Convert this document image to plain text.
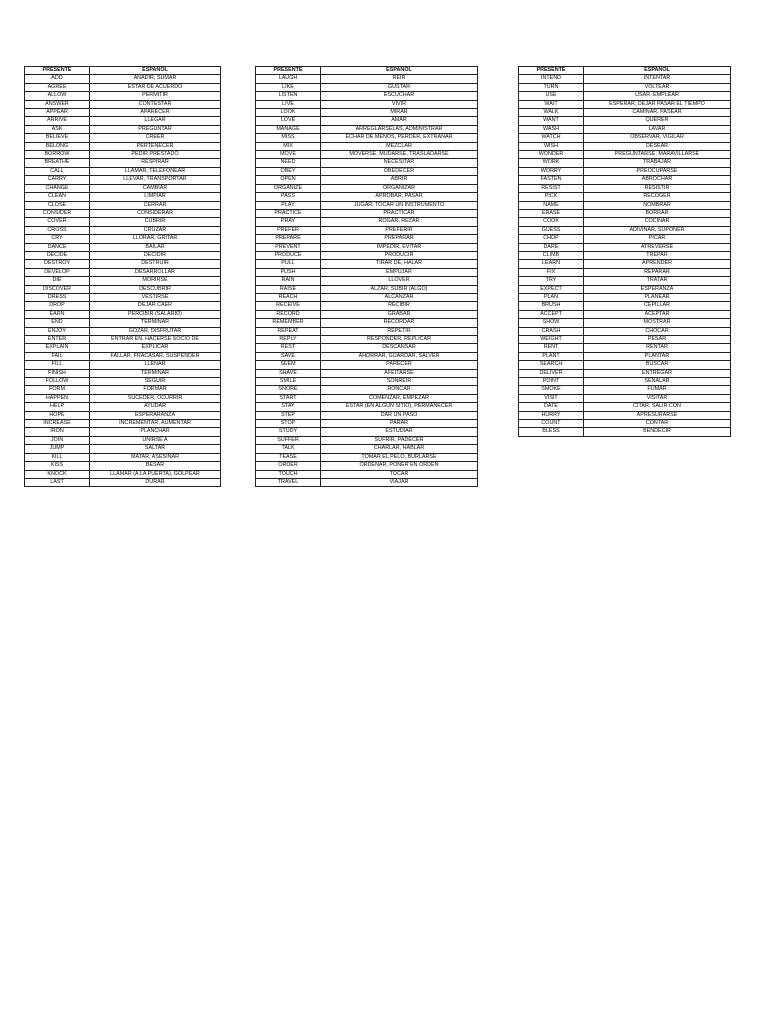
PRESENTE	ESPAÑOL
ADD	AÑADIR, SUMAR
AGREE	ESTAR DE ACUERDO
ALLOW	PERMITIR
ANSWER	CONTESTAR
APPEAR	APARECER
ARRIVE	LLEGAR
ASK	PREGUNTAR
BELIEVE	CREER
BELONG	PERTENECER
BORROW	PEDIR PRESTADO
BREATHE	RESPIRAR
CALL	LLAMAR, TELEFONEAR
CARRY	LLEVAR, TRANSPORTAR
CHANGE	CAMBIAR
CLEAN	LIMPIAR
CLOSE	CERRAR
CONSIDER	CONSIDERAR
COVER	CUBRIR
CROSS	CRUZAR
CRY	LLORAR, GRITAR
DANCE	BAILAR
DECIDE	DECIDIR
DESTROY	DESTRUIR
DEVELOP	DESARROLLAR
DIE	MORIRSE
DISCOVER	DESCUBRIR
DRESS	VESTIRSE
DROP	DEJAR CAER
EARN	PERCIBIR (SALARIO)
END	TERMINAR
ENJOY	GOZAR, DISFRUTAR
ENTER	ENTRAR EN, HACERSE SOCIO DE
EXPLAIN	EXPLICAR
FAIL	FALLAR, FRACASAR, SUSPENDER
FILL	LLENAR
FINISH	TERMINAR
FOLLOW	SEGUIR
FORM	FORMAR
HAPPEN	SUCEDER, OCURRIR
HELP	AYUDAR
HOPE	ESPERARANZA
INCREASE	INCREMENTAR, AUMENTAR
IRON	PLANCHAR
JOIN	UNIRSE A
JUMP	SALTAR
KILL	MATAR, ASESINAR
KISS	BESAR
KNOCK	LLAMAR (A LA PUERTA), GOLPEAR
LAST	DURAR
PRESENTE	ESPAÑOL
LAUGH	REIR
LIKE	GUSTAR
LISTEN	ESCUCHAR
LIVE	VIVIR
LOOK	MIRAR
LOVE	AMAR
MANAGE	ARREGLÁRSELAS, ADMINISTRAR
MISS	ECHAR DE MENOS, PERDER, EXTRAÑAR
MIX	MEZCLAR
MOVE	MOVERSE, MUDARSE, TRASLADARSE
NEED	NECESITAR
OBEY	OBEDECER
OPEN	ABRIR
ORGANIZE	ORGANIZAR
PASS	APROBAR, PASAR
PLAY	JUGAR, TOCAR UN INSTRUMENTO
PRACTICE	PRACTICAR
PRAY	ROGAR, REZAR
PREFER	PREFERIR
PREPARE	PREPARAR
PREVENT	IMPEDIR, EVITAR
PRODUCE	PRODUCIR
PULL	TIRAR DE, HALAR
PUSH	EMPUJAR
RAIN	LLOVER
RAISE	ALZAR, SUBIR (ALGO)
REACH	ALCANZAR
RECEIVE	RECIBIR
RECORD	GRABAR
REMEMBER	RECORDAR
REPEAT	REPETIR
REPLY	RESPONDER, REPLICAR
REST	DESCANSAR
SAVE	AHORRAR, GUARDAR, SALVER
SEEM	PARECER
SHAVE	AFEITARSE
SMILE	SONREIR
SNORE	RONCAR
START	COMENZAR, EMPEZAR
STAY	ESTAR (EN ALGÚN SITIO), PERMANECER
STEP	DAR UN PASO
STOP	PARAR
STUDY	ESTUDIAR
SUFFER	SUFRIR, PADECER
TALK	CHARLAR, HABLAR
TEASE	TOMAR EL PELO, BURLARSE
ORDER	ORDENAR, PONER EN ORDEN
TOUCH	TOCAR
TRAVEL	VIAJAR
PRESENTE	ESPAÑOL
INTEND	INTENTAR
TURN	VOLTEAR
USE	USAR, EMPLEAR
WAIT	ESPERAR, DEJAR PASAR EL TIEMPO
WALK	CAMINAR, PASEAR
WANT	QUERER
WASH	LAVAR
WATCH	OBSERVAR, VIGILAR
WISH	DESEAR
WONDER	PREGUNTARSE, MARAVILLARSE
WORK	TRABAJAR
WORRY	PREOCUPARSE
FASTEN	ABROCHAR
RESIST	RESISTIR
PICK	RECOGER
NAME	NOMBRAR
ERASE	BORRAR
COOK	COCINAR
GUESS	ADIVINAR, SUPONER
CHOP	PICAR
DARE	ATREVERSE
CLIMB	TREPAR
LEARN	APRENDER
FIX	REPARAR
TRY	TRATAR
EXPECT	ESPERANZA
PLAN	PLANEAR
BRUSH	CEPILLAR
ACCEPT	ACEPTAR
SHOW	MOSTRAR
CRASH	CHOCAR
WEIGHT	PESAR
RENT	RENTAR
PLANT	PLANTAR
SEARCH	BUSCAR
DELIVER	ENTREGAR
POINT	SEÑALAR
SMOKE	FUMAR
VISIT	VISITAR
DATE	CITAR, SALIR CON
HURRY	APRESURARSE
COUNT	CONTAR
BLESS	BENDECIR
